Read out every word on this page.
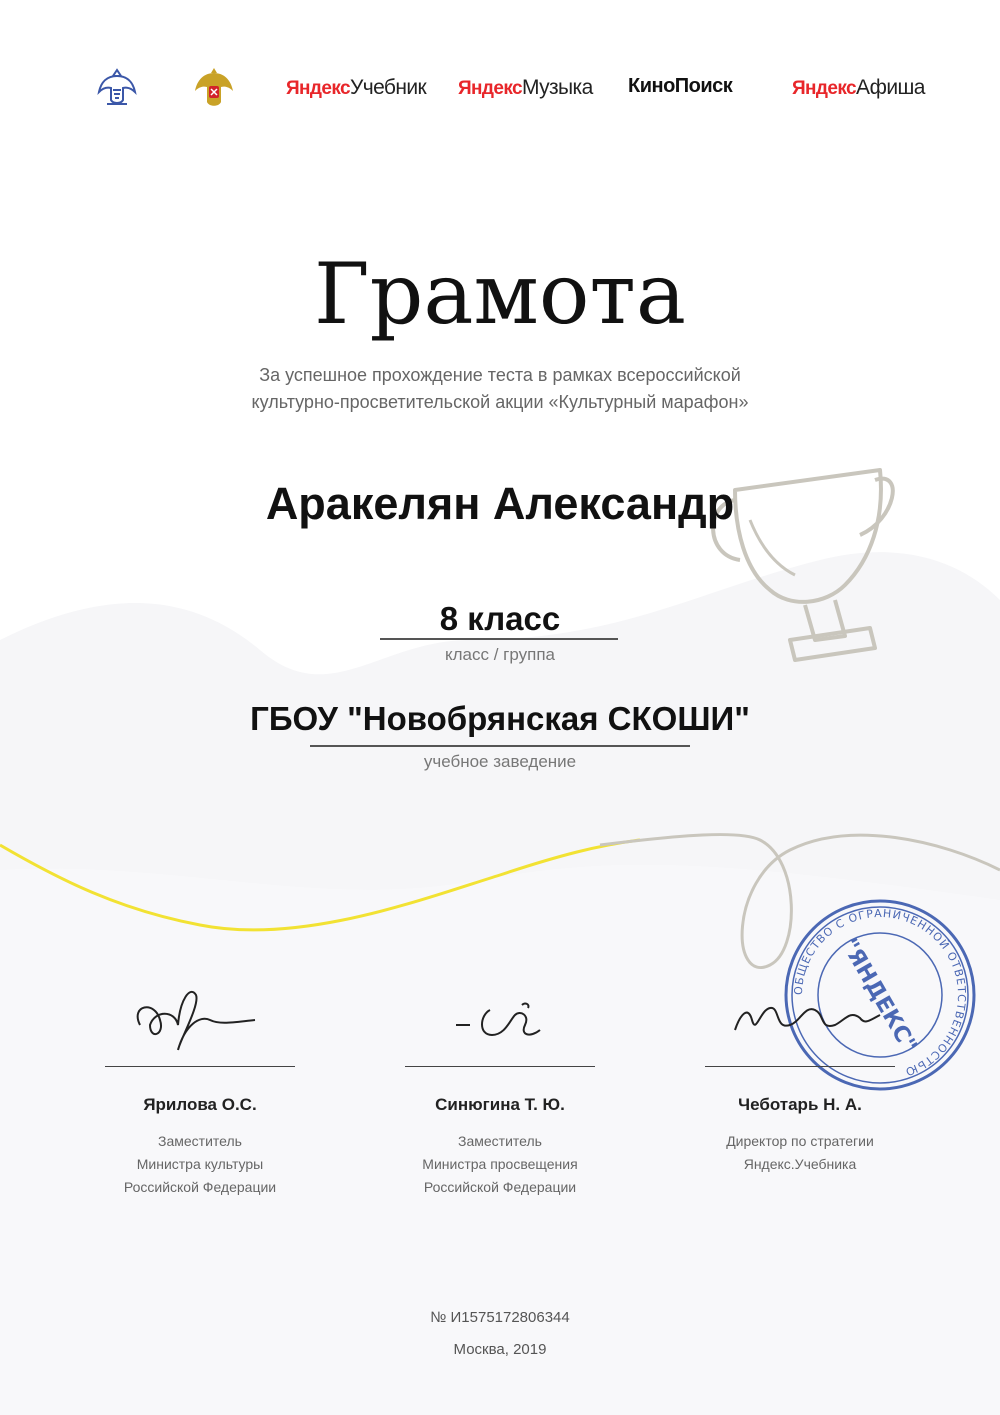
ЯндексУчебник ЯндексМузыка КиноПоиск	ЯндексАфиша
Грамота
За успешное прохождение теста в рамках всероссийской
культурно-просветительской акции «Культурный марафон»
Аракелян Александр
8 класс
класс / группа
ГБОУ "Новобрянская СКОШИ"
учебное заведение
ОБЩЕСТВО С ОГРАНИЧЕННОЙ ОТВЕТСТВЕННОСТЬЮ
"ЯНДЕКС"
Ярилова О.С.
Заместитель
Министра культуры
Российской Федерации
Синюгина Т. Ю.
Заместитель
Министра просвещения
Российской Федерации
Чеботарь Н. А.
Директор по стратегии
Яндекс.Учебника
№ И1575172806344
Москва, 2019
